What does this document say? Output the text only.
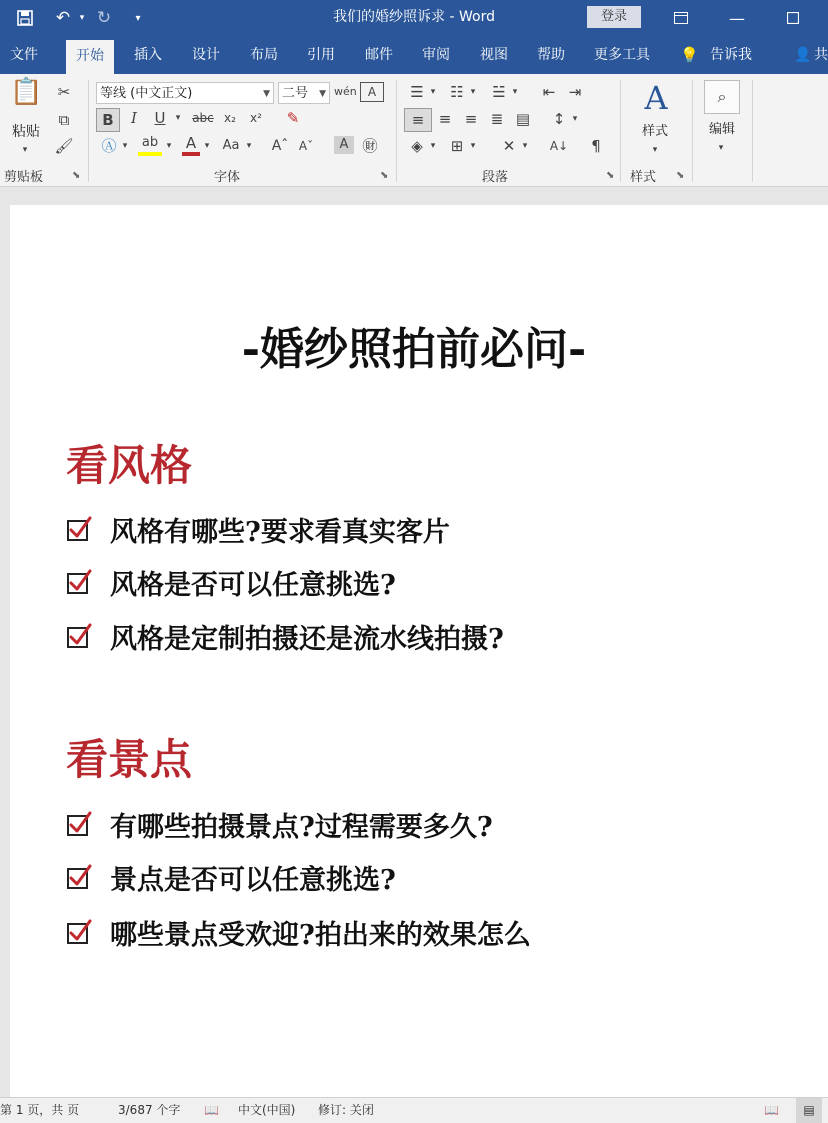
↶	▾ ↻	▾	我们的婚纱照诉求 - Word	登录	—
文件	开始	插入 设计 布局 引用 邮件 审阅 视图 帮助 更多工具 💡 告诉我	👤 共
📋
粘贴
▾
✂
⧉
🖌
剪贴板	⬊
等线 (中文正文)	▼ 二号 ▼ wén A
B	I	U	▾ abc x₂	x²	✎
Ⓐ ▾ ab ▾ A ▾	Aa ▾ Aˆ Aˇ	A ㊖
字体	⬊
☰ ▾ ☷ ▾ ☱ ▾	⇤ ⇥
≡ ≡ ≡ ≣ ▤	↕ ▾
◈ ▾	⊞ ▾	✕ ▾ A↓	¶
段落	⬊
A
样式
▾
样式 ⬊
⌕
编辑
▾
-婚纱照拍前必问-
看风格
风格有哪些?要求看真实客片
风格是否可以任意挑选?
风格是定制拍摄还是流水线拍摄?
看景点
有哪些拍摄景点?过程需要多久?
景点是否可以任意挑选?
哪些景点受欢迎?拍出来的效果怎么
第 1 页，共 页	3/687 个字 📖 中文(中国) 修订: 关闭	📖	▤
